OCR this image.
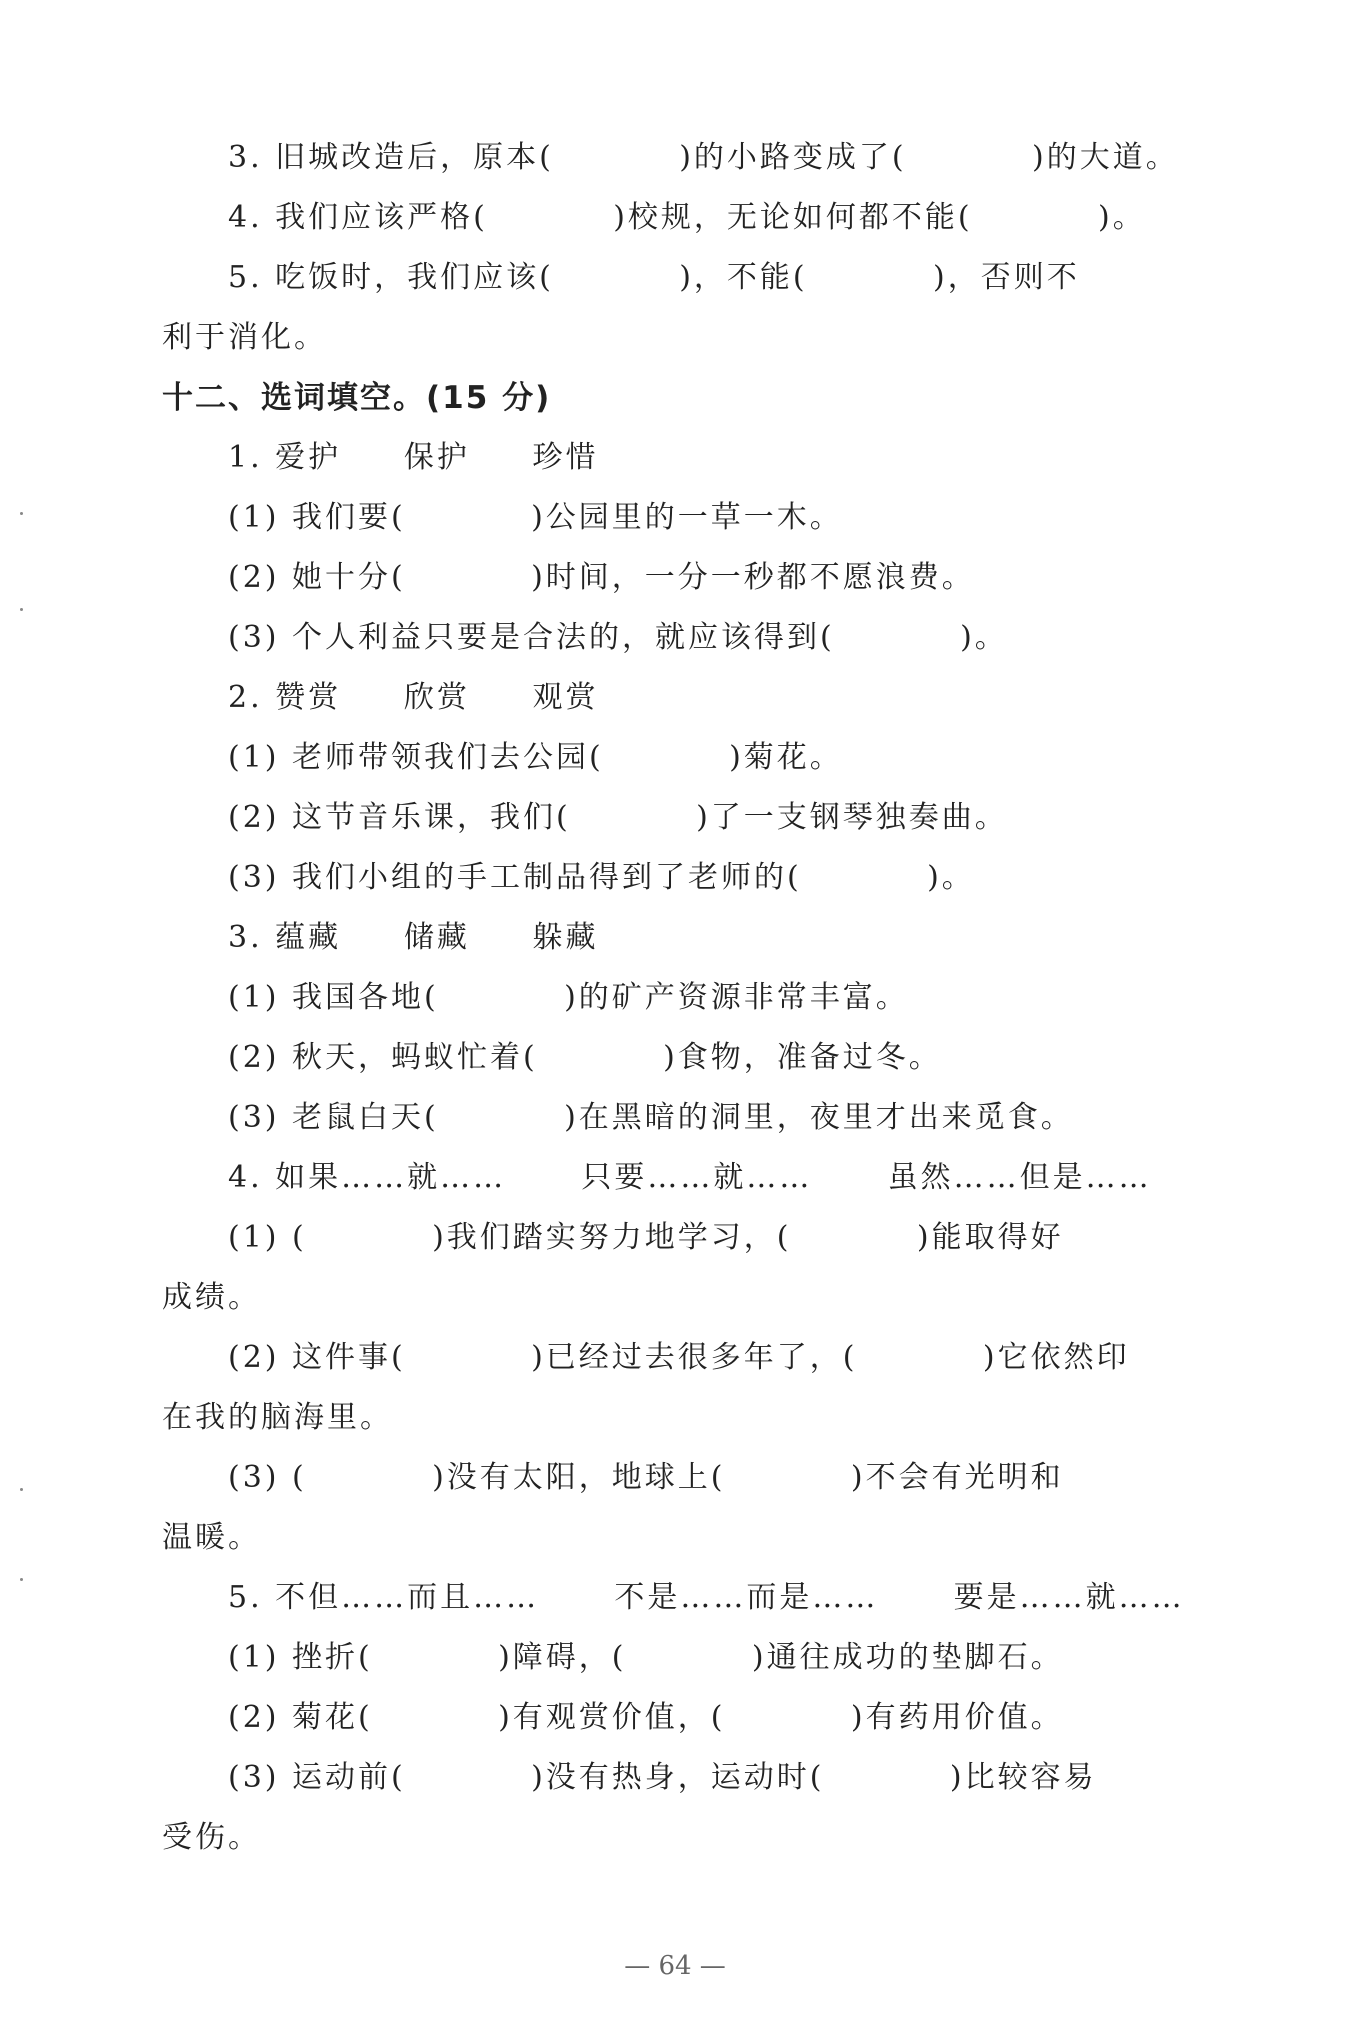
3. 旧城改造后，原本(          )的小路变成了(          )的大道。
4. 我们应该严格(          )校规，无论如何都不能(          )。
5. 吃饭时，我们应该(          )，不能(          )，否则不
利于消化。
十二、选词填空。(15 分)
1. 爱护     保护     珍惜
(1) 我们要(          )公园里的一草一木。
(2) 她十分(          )时间，一分一秒都不愿浪费。
(3) 个人利益只要是合法的，就应该得到(          )。
2. 赞赏     欣赏     观赏
(1) 老师带领我们去公园(          )菊花。
(2) 这节音乐课，我们(          )了一支钢琴独奏曲。
(3) 我们小组的手工制品得到了老师的(          )。
3. 蕴藏     储藏     躲藏
(1) 我国各地(          )的矿产资源非常丰富。
(2) 秋天，蚂蚁忙着(          )食物，准备过冬。
(3) 老鼠白天(          )在黑暗的洞里，夜里才出来觅食。
4. 如果……就……      只要……就……      虽然……但是……
(1) (          )我们踏实努力地学习，(          )能取得好
成绩。
(2) 这件事(          )已经过去很多年了，(          )它依然印
在我的脑海里。
(3) (          )没有太阳，地球上(          )不会有光明和
温暖。
5. 不但……而且……      不是……而是……      要是……就……
(1) 挫折(          )障碍，(          )通往成功的垫脚石。
(2) 菊花(          )有观赏价值，(          )有药用价值。
(3) 运动前(          )没有热身，运动时(          )比较容易
受伤。
— 64 —
